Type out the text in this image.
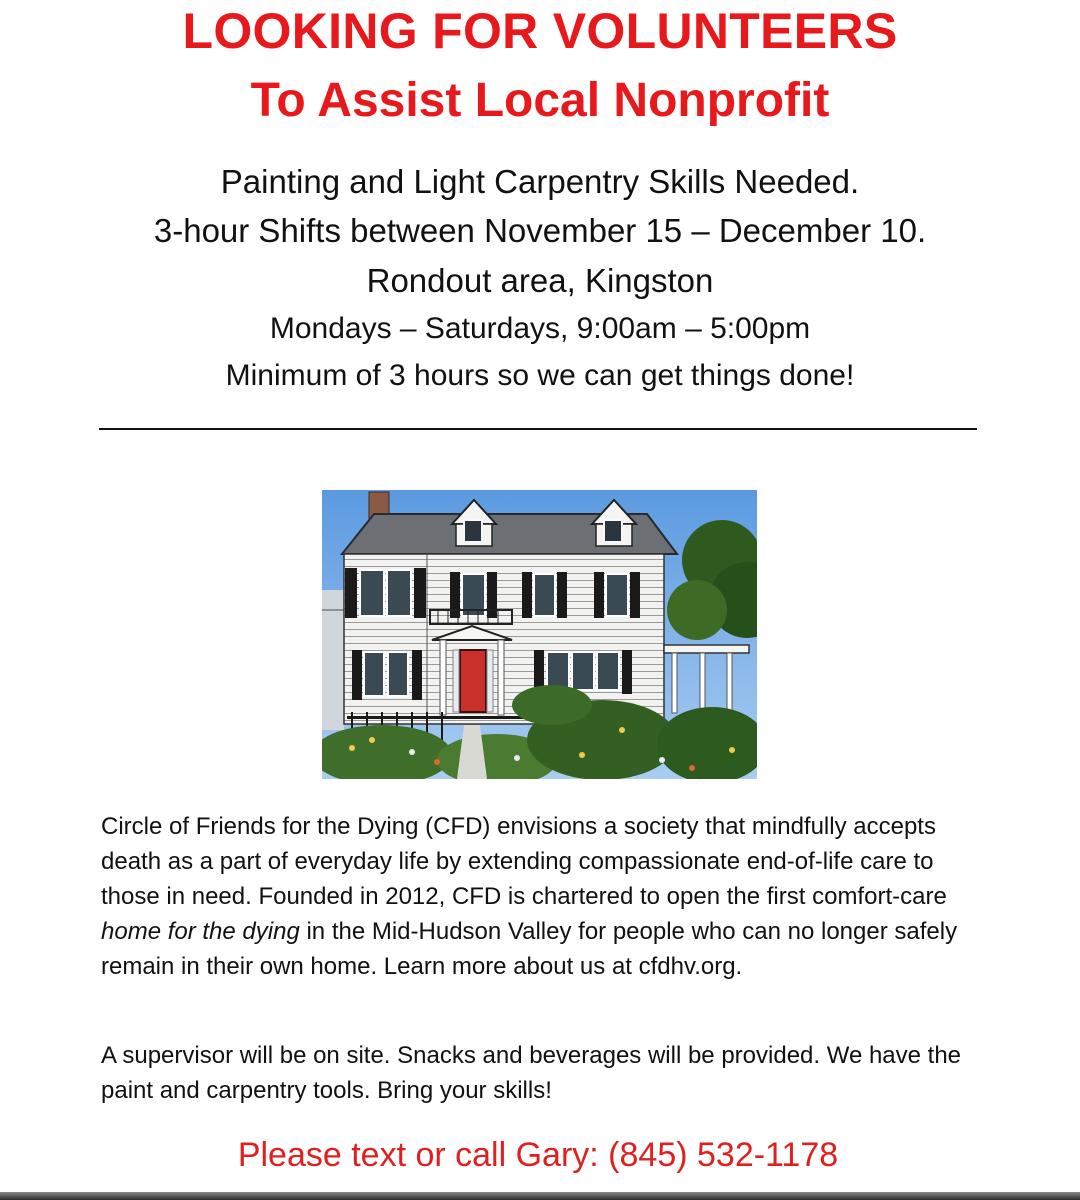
LOOKING FOR VOLUNTEERS
To Assist Local Nonprofit

Painting and Light Carpentry Skills Needed.

3-hour Shifts between November 15 – December 10.

Rondout area, Kingston

Mondays – Saturdays, 9:00am – 5:00pm

Minimum of 3 hours so we can get things done!

Circle of Friends for the Dying (CFD) envisions a society that mindfully accepts death as a part of everyday life by extending compassionate end-of-life care to those in need. Founded in 2012, CFD is chartered to open the first comfort-care home for the dying in the Mid-Hudson Valley for people who can no longer safely remain in their own home. Learn more about us at cfdhv.org.

A supervisor will be on site. Snacks and beverages will be provided. We have the paint and carpentry tools. Bring your skills!

Please text or call Gary: (845) 532-1178
